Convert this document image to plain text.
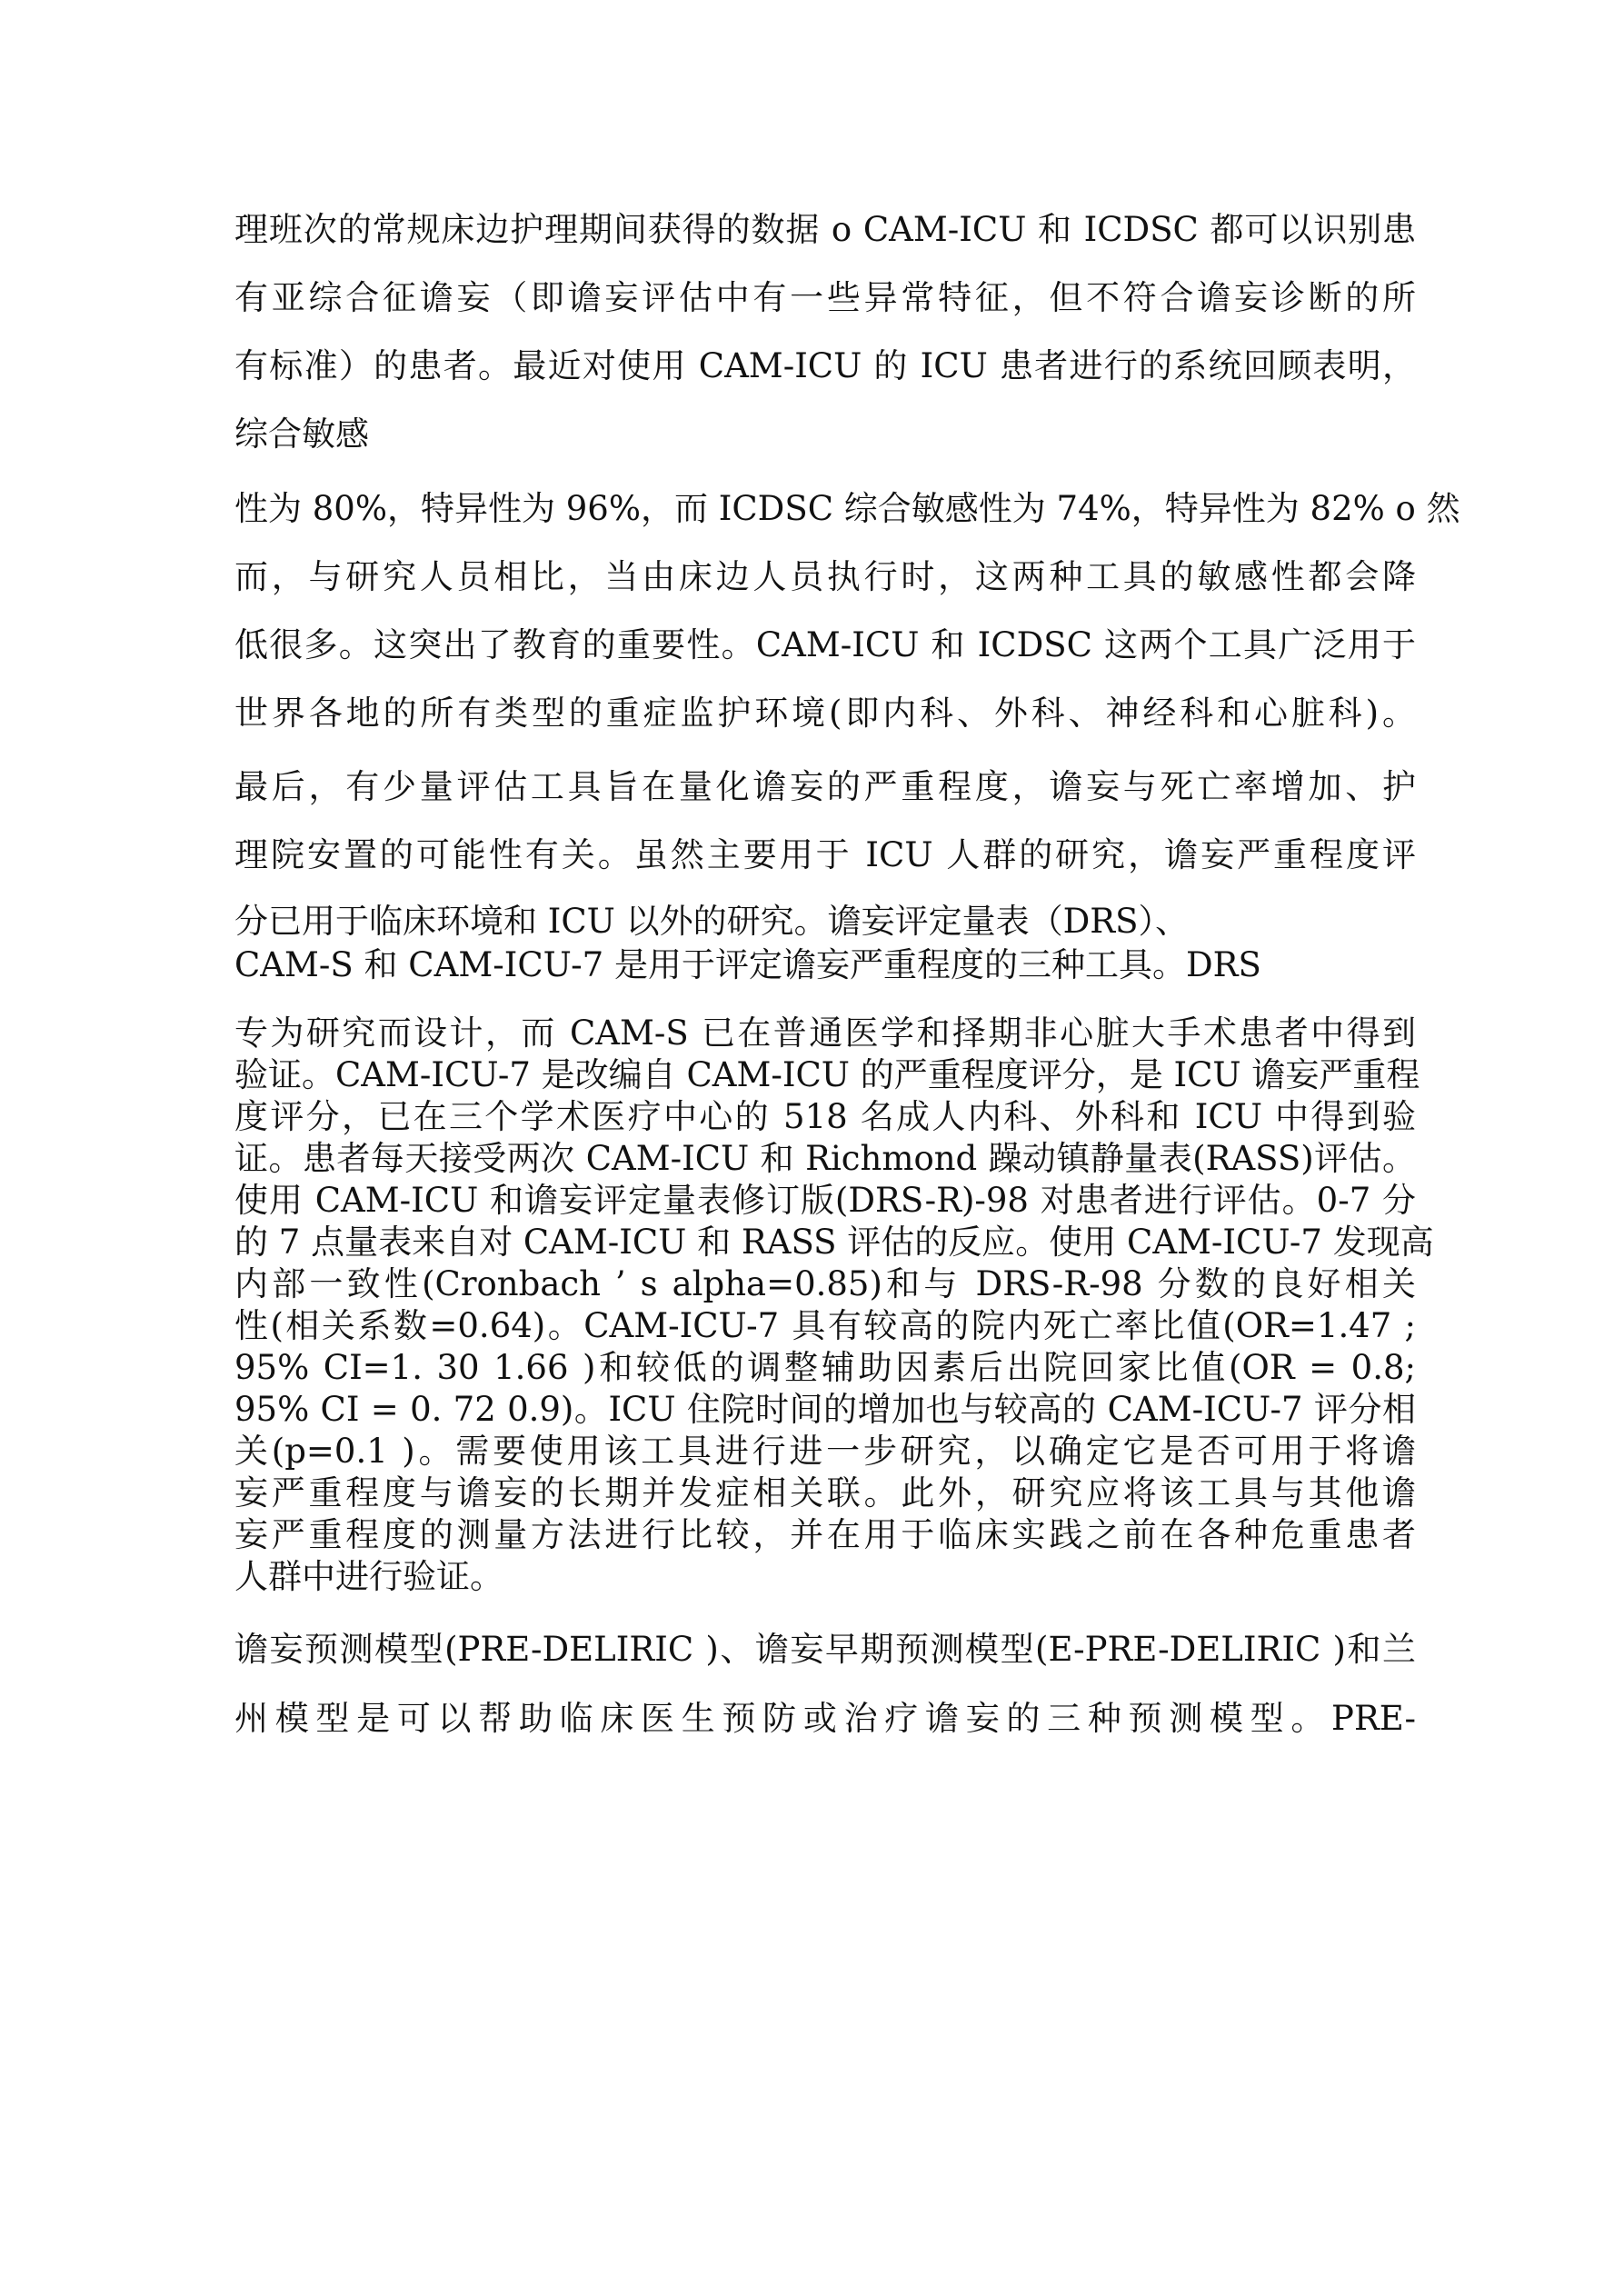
理班次的常规床边护理期间获得的数据 o CAM-ICU 和 ICDSC 都可以识别患
有亚综合征谵妄（即谵妄评估中有一些异常特征，但不符合谵妄诊断的所
有标准）的患者。最近对使用 CAM-ICU 的 ICU 患者进行的系统回顾表明，
综合敏感
性为 80%，特异性为 96%，而 ICDSC 综合敏感性为 74%，特异性为 82% o 然
而，与研究人员相比，当由床边人员执行时，这两种工具的敏感性都会降
低很多。这突出了教育的重要性。CAM-ICU 和 ICDSC 这两个工具广泛用于
世界各地的所有类型的重症监护环境(即内科、外科、神经科和心脏科)。
最后，有少量评估工具旨在量化谵妄的严重程度，谵妄与死亡率增加、护
理院安置的可能性有关。虽然主要用于 ICU 人群的研究，谵妄严重程度评
分已用于临床环境和 ICU 以外的研究。谵妄评定量表（DRS）、
CAM-S 和 CAM-ICU-7 是用于评定谵妄严重程度的三种工具。DRS
专为研究而设计，而 CAM-S 已在普通医学和择期非心脏大手术患者中得到
验证。CAM-ICU-7 是改编自 CAM-ICU 的严重程度评分，是 ICU 谵妄严重程
度评分，已在三个学术医疗中心的 518 名成人内科、外科和 ICU 中得到验
证。患者每天接受两次 CAM-ICU 和 Richmond 躁动镇静量表(RASS)评估。
使用 CAM-ICU 和谵妄评定量表修订版(DRS-R)-98 对患者进行评估。0-7 分
的 7 点量表来自对 CAM-ICU 和 RASS 评估的反应。使用 CAM-ICU-7 发现高
内部一致性(Cronbach ’ s alpha=0.85)和与 DRS-R-98 分数的良好相关
性(相关系数=0.64)。CAM-ICU-7 具有较高的院内死亡率比值(OR=1.47 ;
95% CI=1. 30 1.66 )和较低的调整辅助因素后出院回家比值(OR = 0.8;
95% CI = 0. 72 0.9)。ICU 住院时间的增加也与较高的 CAM-ICU-7 评分相
关(p=0.1 )。需要使用该工具进行进一步研究，以确定它是否可用于将谵
妄严重程度与谵妄的长期并发症相关联。此外，研究应将该工具与其他谵
妄严重程度的测量方法进行比较，并在用于临床实践之前在各种危重患者
人群中进行验证。
谵妄预测模型(PRE-DELIRIC )、谵妄早期预测模型(E-PRE-DELIRIC )和兰
州模型是可以帮助临床医生预防或治疗谵妄的三种预测模型。PRE-
